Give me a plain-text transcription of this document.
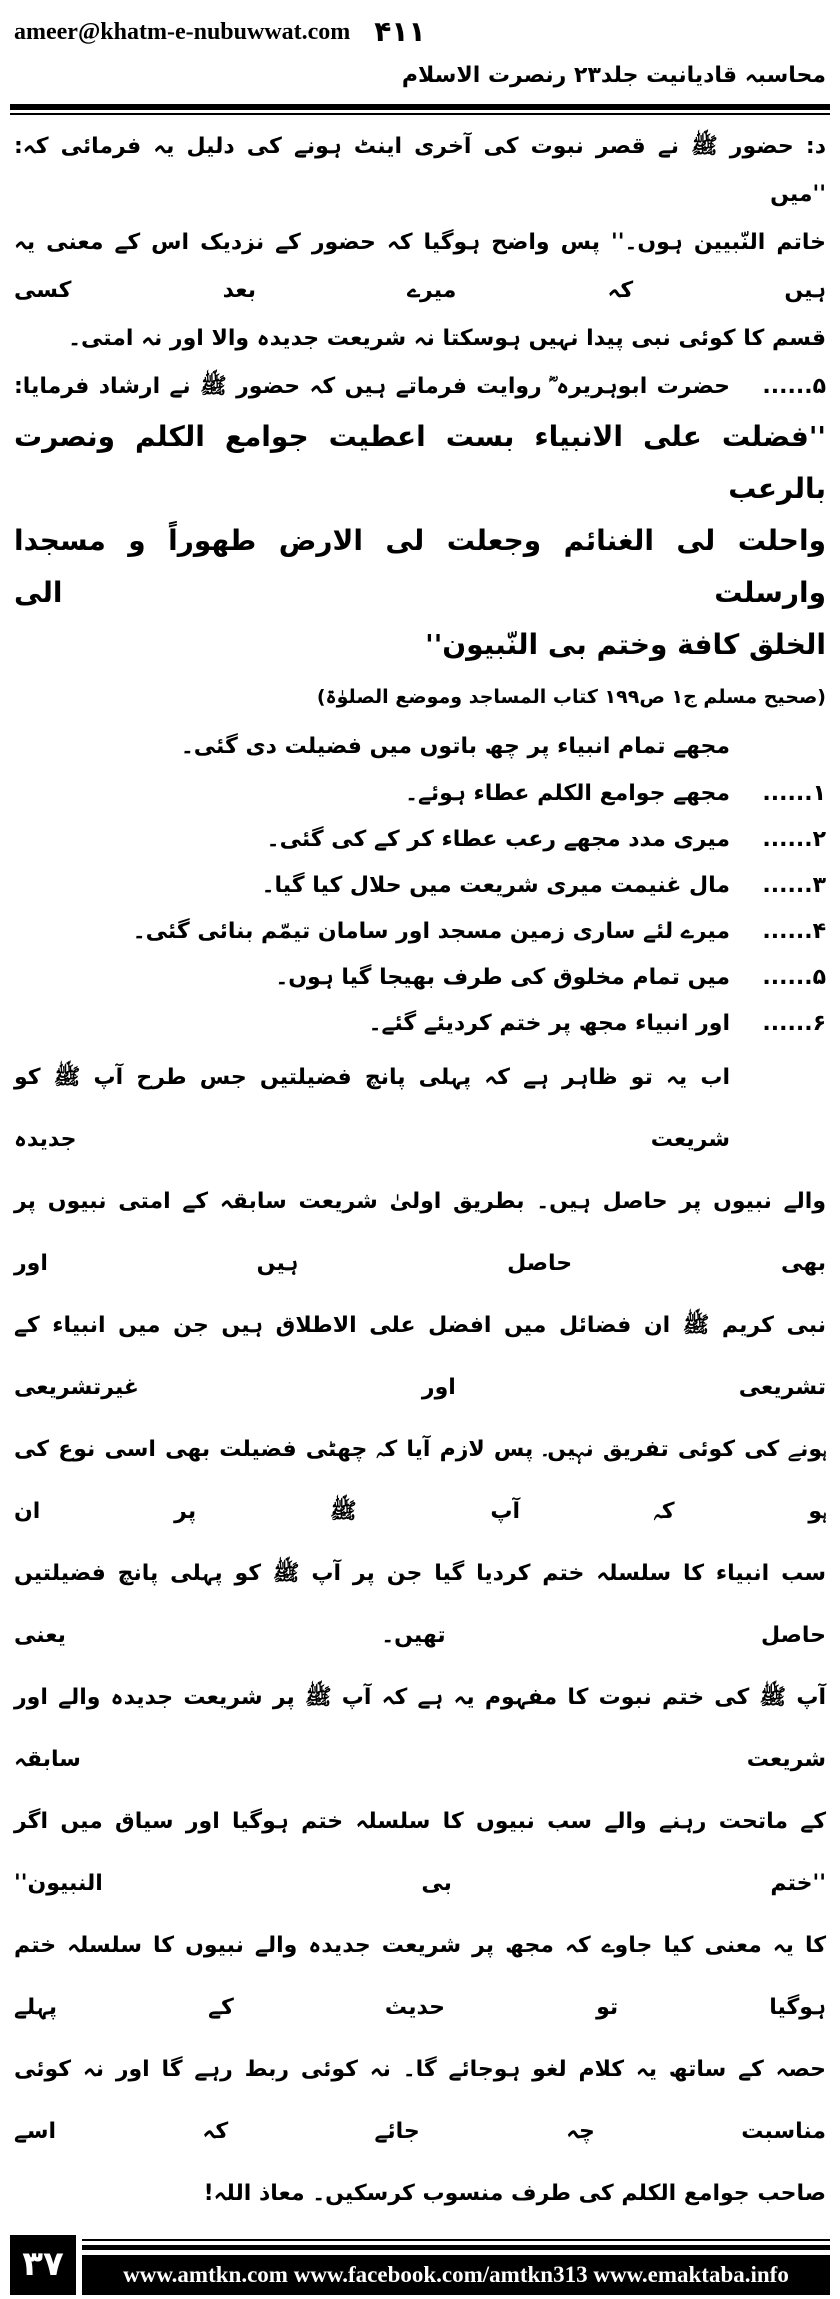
ameer@khatm-e-nubuwwat.com ۴۱۱
محاسبہ قادیانیت جلد۲۳ رنصرت الاسلام
د: حضور ﷺ نے قصر نبوت کی آخری اینٹ ہونے کی دلیل یہ فرمائی کہ: ''میں
خاتم النّبیین ہوں۔'' پس واضح ہوگیا کہ حضور کے نزدیک اس کے معنی یہ ہیں کہ میرے بعد کسی
قسم کا کوئی نبی پیدا نہیں ہوسکتا نہ شریعت جدیدہ والا اور نہ امتی۔
۵......
حضرت ابوہریرہ ؓ روایت فرماتے ہیں کہ حضور ﷺ نے ارشاد فرمایا:
''فضلت علی الانبیاء بست اعطیت جوامع الکلم ونصرت بالرعب
واحلت لی الغنائم وجعلت لی الارض طهوراً و مسجدا وارسلت الی
الخلق کافة وختم بی النّبیون''
(صحیح مسلم ج۱ ص۱۹۹ کتاب المساجد وموضع الصلوٰۃ)
مجھے تمام انبیاء پر چھ باتوں میں فضیلت دی گئی۔
۱......
مجھے جوامع الکلم عطاء ہوئے۔
۲......
میری مدد مجھے رعب عطاء کر کے کی گئی۔
۳......
مال غنیمت میری شریعت میں حلال کیا گیا۔
۴......
میرے لئے ساری زمین مسجد اور سامان تیمّم بنائی گئی۔
۵......
میں تمام مخلوق کی طرف بھیجا گیا ہوں۔
۶......
اور انبیاء مجھ پر ختم کردیئے گئے۔
اب یہ تو ظاہر ہے کہ پہلی پانچ فضیلتیں جس طرح آپ ﷺ کو شریعت جدیدہ
والے نبیوں پر حاصل ہیں۔ بطریق اولیٰ شریعت سابقہ کے امتی نبیوں پر بھی حاصل ہیں اور
نبی کریم ﷺ ان فضائل میں افضل علی الاطلاق ہیں جن میں انبیاء کے تشریعی اور غیرتشریعی
ہونے کی کوئی تفریق نہیں۔ پس لازم آیا کہ چھٹی فضیلت بھی اسی نوع کی ہو کہ آپ ﷺ پر ان
سب انبیاء کا سلسلہ ختم کردیا گیا جن پر آپ ﷺ کو پہلی پانچ فضیلتیں حاصل تھیں۔ یعنی
آپ ﷺ کی ختم نبوت کا مفہوم یہ ہے کہ آپ ﷺ پر شریعت جدیدہ والے اور شریعت سابقہ
کے ماتحت رہنے والے سب نبیوں کا سلسلہ ختم ہوگیا اور سیاق میں اگر ''ختم بی النبیون''
کا یہ معنی کیا جاوے کہ مجھ پر شریعت جدیدہ والے نبیوں کا سلسلہ ختم ہوگیا تو حدیث کے پہلے
حصہ کے ساتھ یہ کلام لغو ہوجائے گا۔ نہ کوئی ربط رہے گا اور نہ کوئی مناسبت چہ جائے کہ اسے
صاحب جوامع الکلم کی طرف منسوب کرسکیں۔ معاذ اللہ!
۳۷	www.amtkn.com www.facebook.com/amtkn313 www.emaktaba.info
